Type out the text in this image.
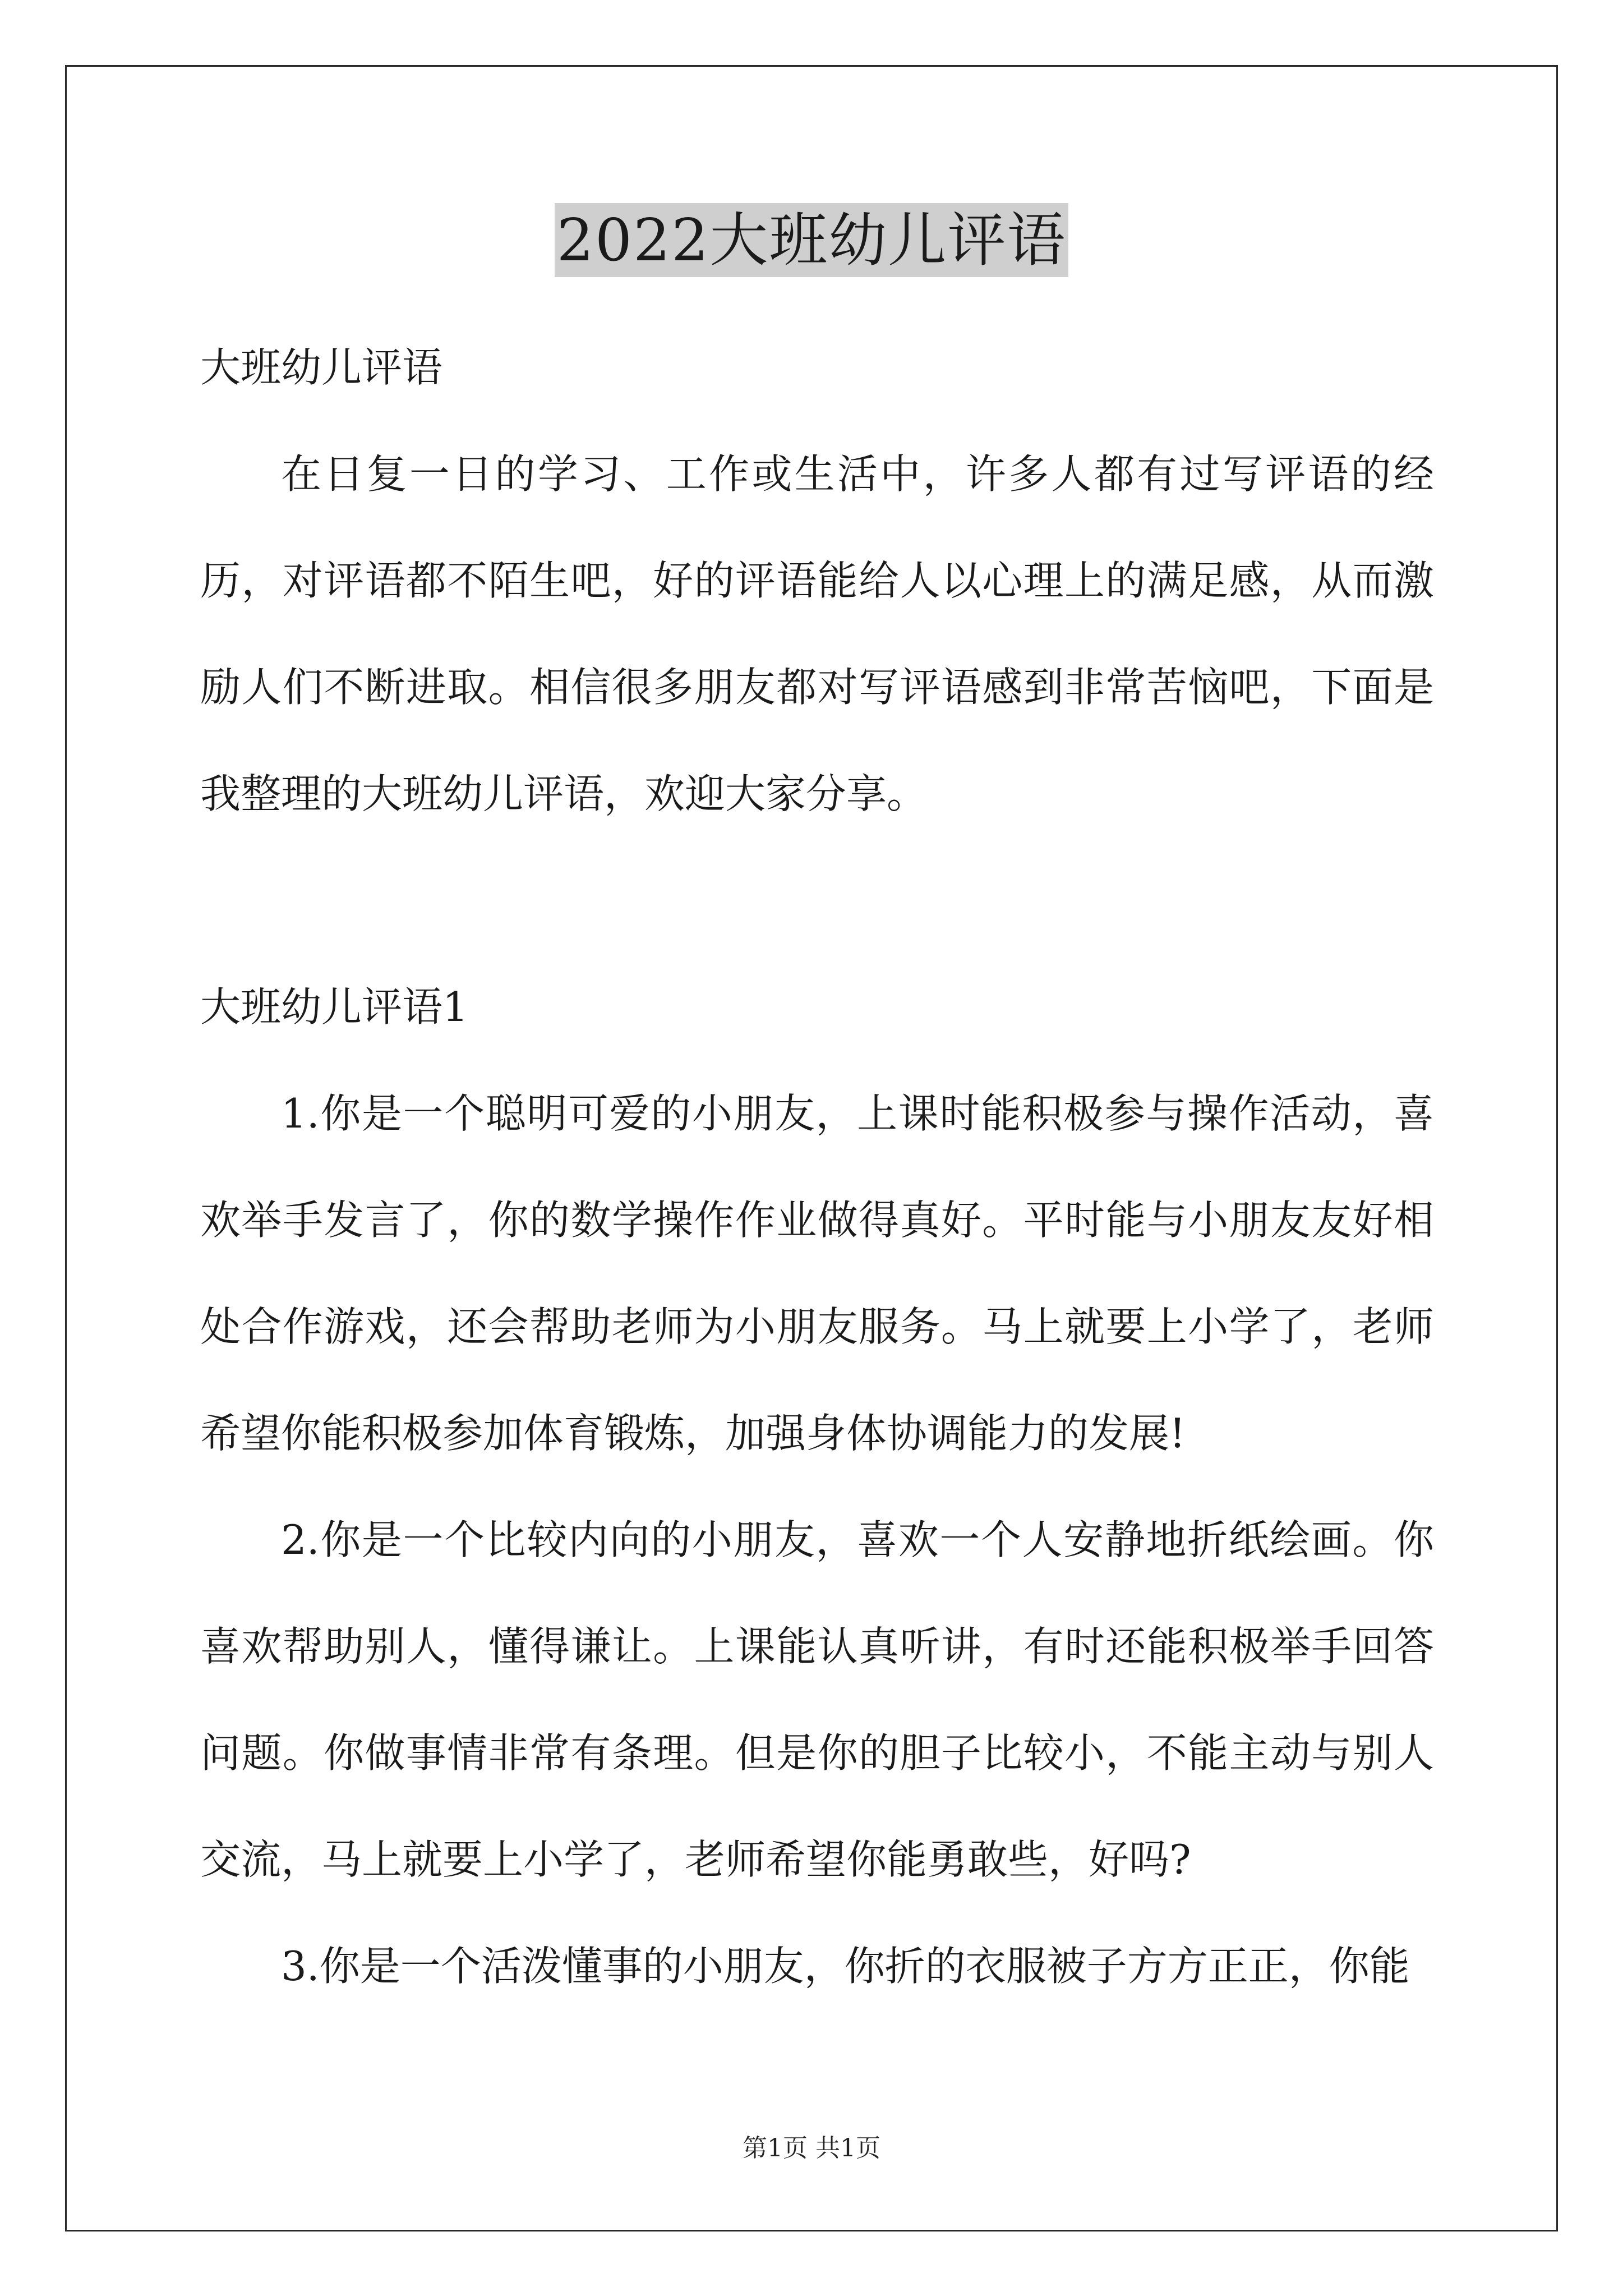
2022大班幼儿评语

大班幼儿评语

在日复一日的学习、工作或生活中，许多人都有过写评语的经历，对评语都不陌生吧，好的评语能给人以心理上的满足感，从而激励人们不断进取。相信很多朋友都对写评语感到非常苦恼吧，下面是我整理的大班幼儿评语，欢迎大家分享。

大班幼儿评语1

1.你是一个聪明可爱的小朋友，上课时能积极参与操作活动，喜欢举手发言了，你的数学操作作业做得真好。平时能与小朋友友好相处合作游戏，还会帮助老师为小朋友服务。马上就要上小学了，老师希望你能积极参加体育锻炼，加强身体协调能力的发展!

2.你是一个比较内向的小朋友，喜欢一个人安静地折纸绘画。你喜欢帮助别人，懂得谦让。上课能认真听讲，有时还能积极举手回答问题。你做事情非常有条理。但是你的胆子比较小，不能主动与别人交流，马上就要上小学了，老师希望你能勇敢些，好吗?

3.你是一个活泼懂事的小朋友，你折的衣服被子方方正正，你能

第1页 共1页
